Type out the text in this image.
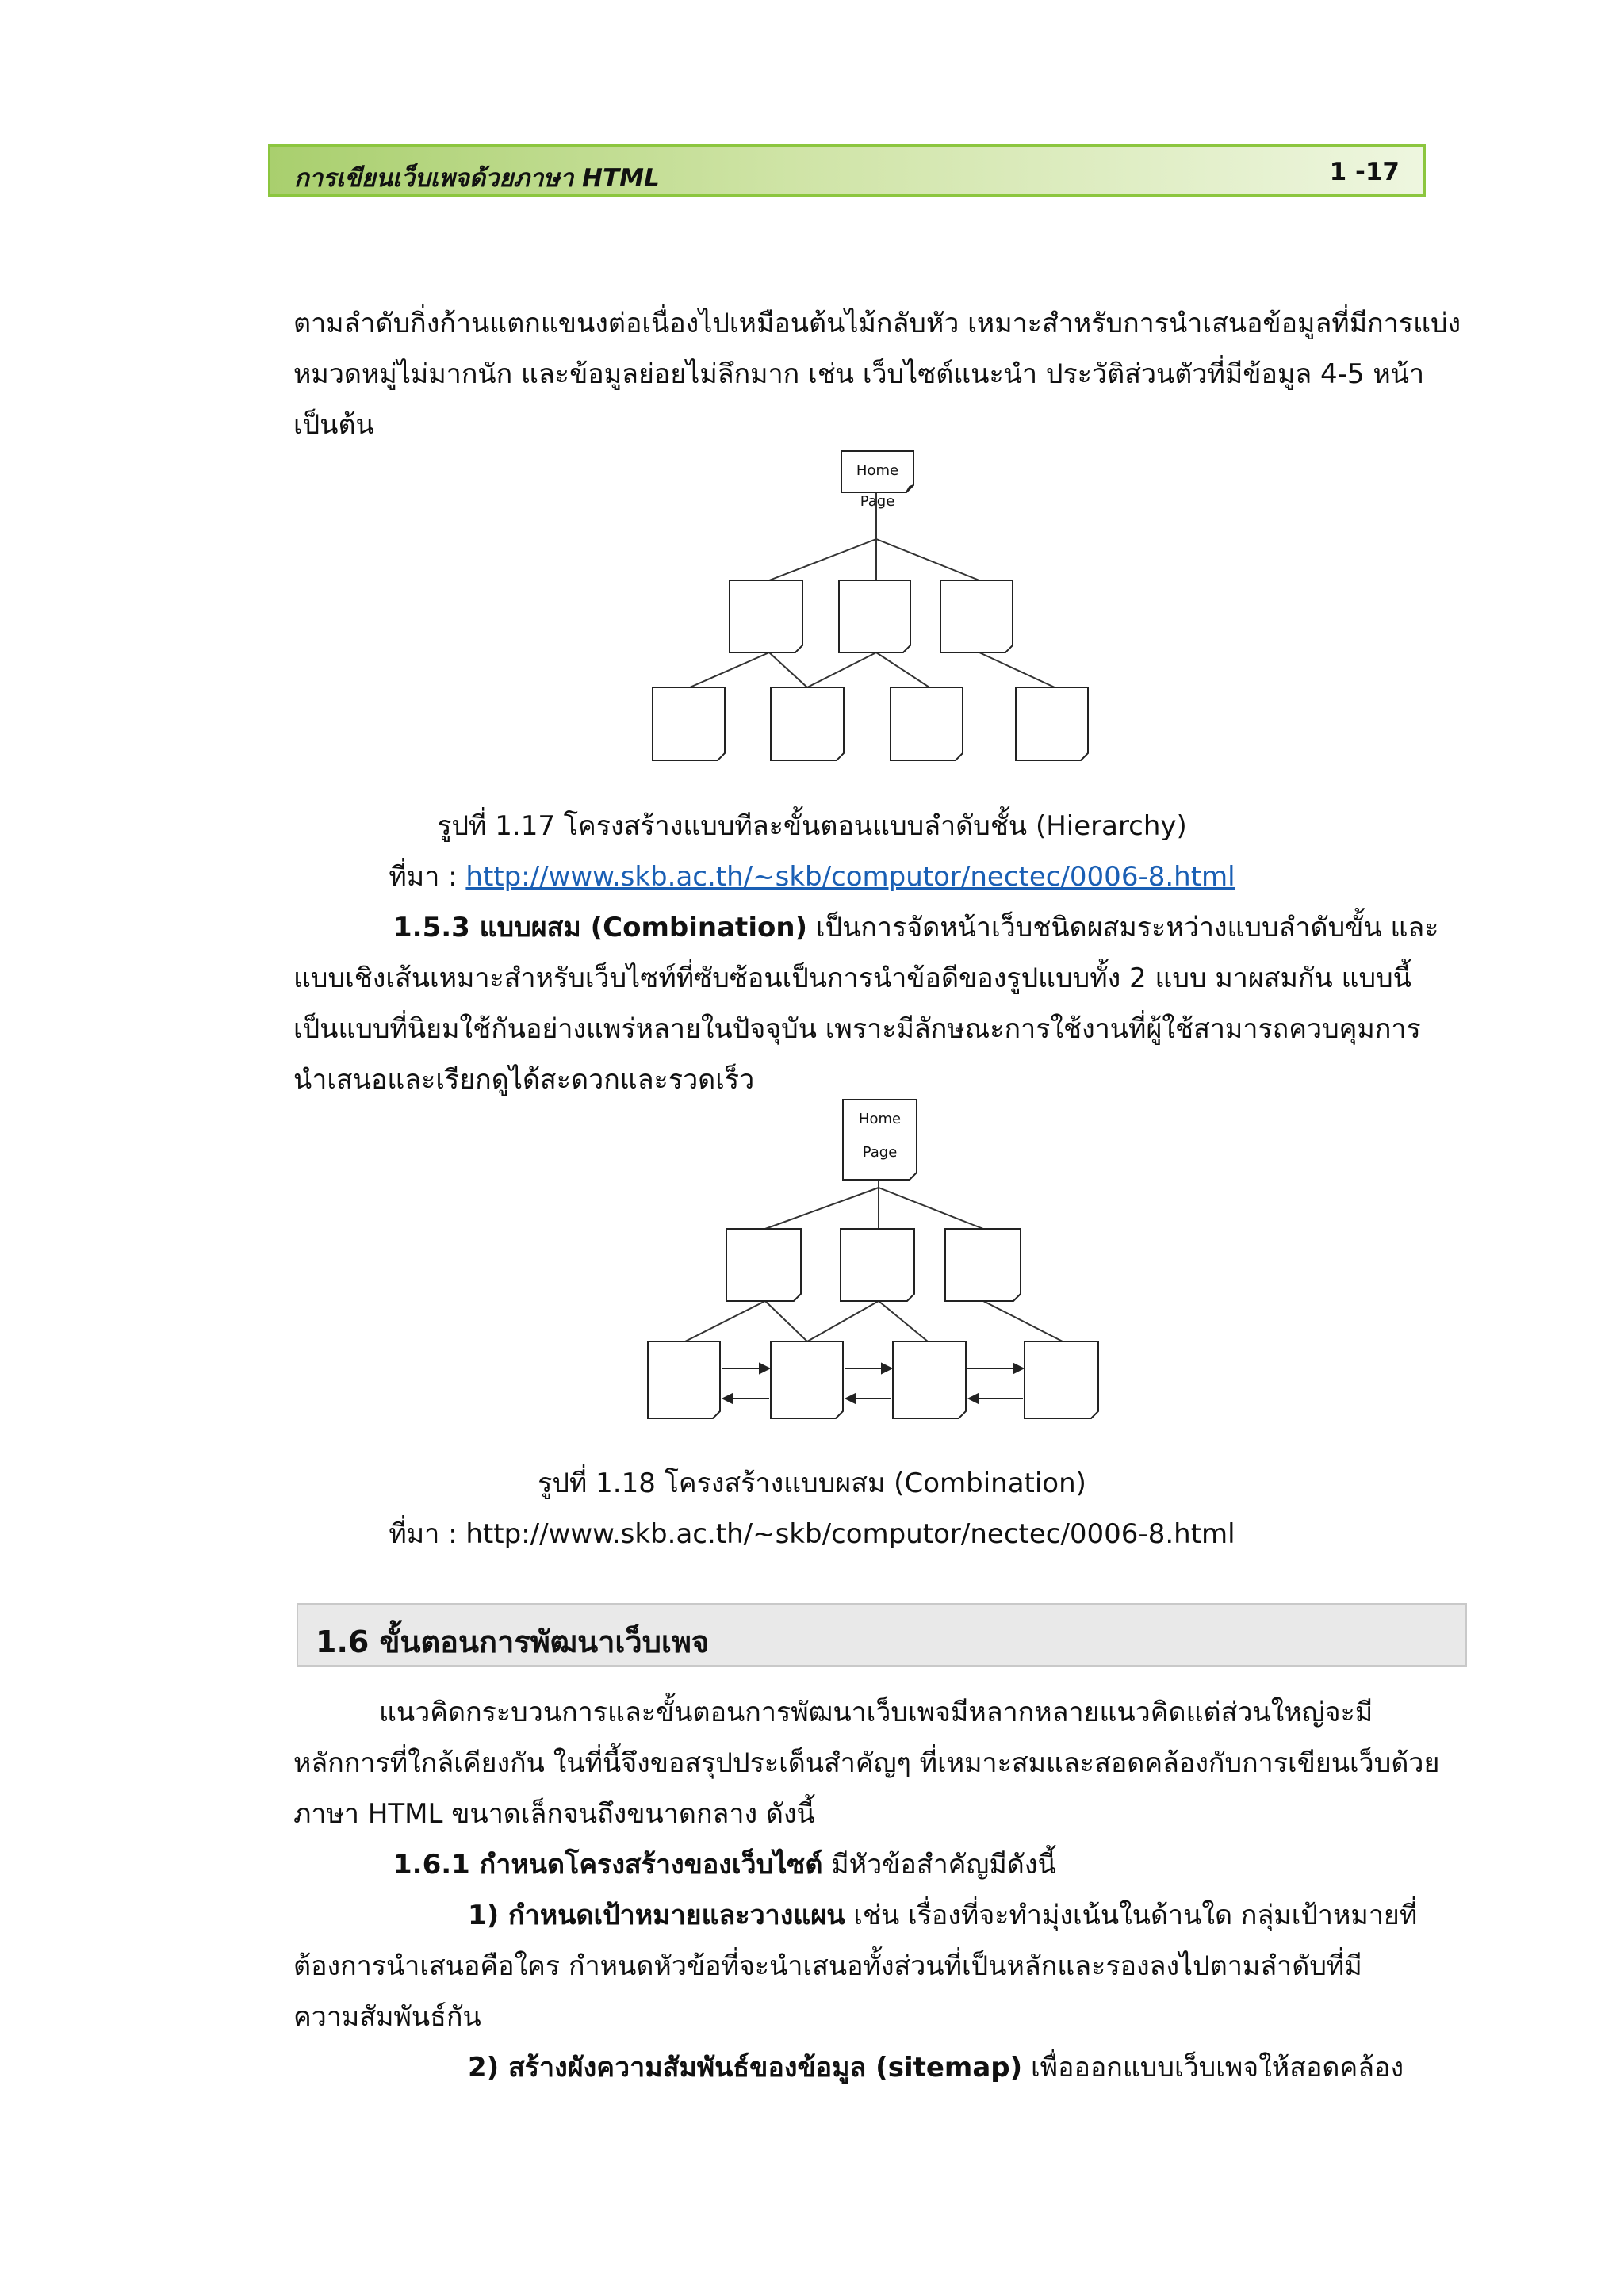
การเขียนเว็บเพจด้วยภาษา HTML	1 -17

ตามลำดับกิ่งก้านแตกแขนงต่อเนื่องไปเหมือนต้นไม้กลับหัว เหมาะสำหรับการนำเสนอข้อมูลที่มีการแบ่ง

หมวดหมู่ไม่มากนัก และข้อมูลย่อยไม่ลึกมาก เช่น เว็บไซต์แนะนำ ประวัติส่วนตัวที่มีข้อมูล 4-5 หน้า

เป็นต้น

Home
Page
รูปที่ 1.17 โครงสร้างแบบทีละขั้นตอนแบบลำดับชั้น (Hierarchy)
ที่มา : http://www.skb.ac.th/~skb/computor/nectec/0006-8.html

1.5.3 แบบผสม (Combination) เป็นการจัดหน้าเว็บชนิดผสมระหว่างแบบลำดับขั้น และ

แบบเชิงเส้นเหมาะสำหรับเว็บไซท์ที่ซับซ้อนเป็นการนำข้อดีของรูปแบบทั้ง 2 แบบ มาผสมกัน แบบนี้

เป็นแบบที่นิยมใช้กันอย่างแพร่หลายในปัจจุบัน เพราะมีลักษณะการใช้งานที่ผู้ใช้สามารถควบคุมการ

นำเสนอและเรียกดูได้สะดวกและรวดเร็ว

Home
Page
รูปที่ 1.18 โครงสร้างแบบผสม (Combination)
ที่มา : http://www.skb.ac.th/~skb/computor/nectec/0006-8.html
1.6 ขั้นตอนการพัฒนาเว็บเพจ

แนวคิดกระบวนการและขั้นตอนการพัฒนาเว็บเพจมีหลากหลายแนวคิดแต่ส่วนใหญ่จะมี

หลักการที่ใกล้เคียงกัน ในที่นี้จึงขอสรุปประเด็นสำคัญๆ ที่เหมาะสมและสอดคล้องกับการเขียนเว็บด้วย

ภาษา HTML ขนาดเล็กจนถึงขนาดกลาง ดังนี้

1.6.1 กำหนดโครงสร้างของเว็บไซต์ มีหัวข้อสำคัญมีดังนี้

1) กำหนดเป้าหมายและวางแผน เช่น เรื่องที่จะทำมุ่งเน้นในด้านใด กลุ่มเป้าหมายที่

ต้องการนำเสนอคือใคร กำหนดหัวข้อที่จะนำเสนอทั้งส่วนที่เป็นหลักและรองลงไปตามลำดับที่มี

ความสัมพันธ์กัน

2) สร้างผังความสัมพันธ์ของข้อมูล (sitemap) เพื่อออกแบบเว็บเพจให้สอดคล้อง
